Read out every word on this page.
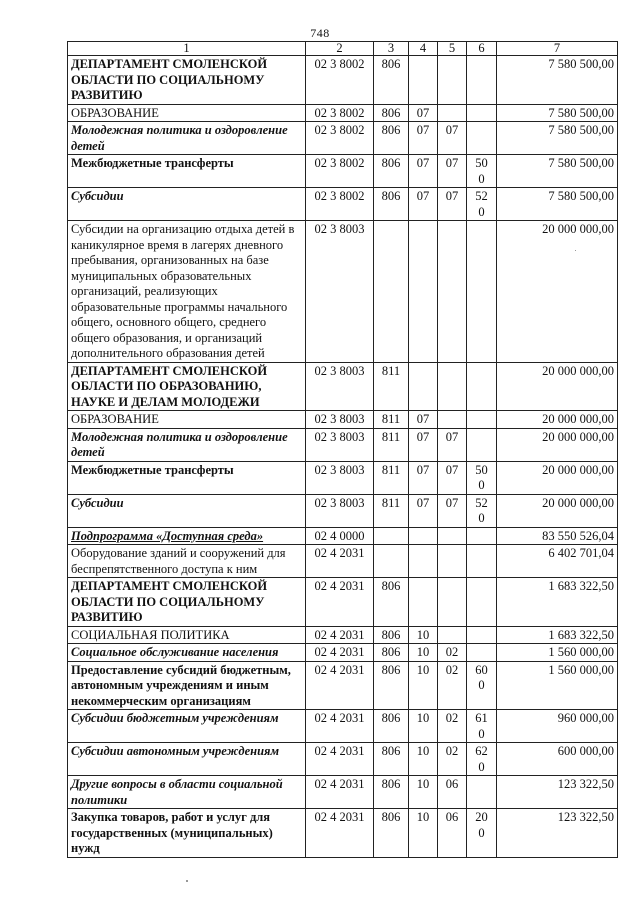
748
1	2	3	4	5	6	7
ДЕПАРТАМЕНТ СМОЛЕНСКОЙ ОБЛАСТИ ПО СОЦИАЛЬНОМУ РАЗВИТИЮ	02 3 8002	806				7 580 500,00
ОБРАЗОВАНИЕ	02 3 8002	806	07			7 580 500,00
Молодежная политика и оздоровление детей	02 3 8002	806	07	07		7 580 500,00
Межбюджетные трансферты	02 3 8002	806	07	07	500	7 580 500,00
Субсидии	02 3 8002	806	07	07	520	7 580 500,00
Субсидии на организацию отдыха детей в каникулярное время в лагерях дневного пребывания, организованных на базе муниципальных образовательных организаций, реализующих образовательные программы начального общего, основного общего, среднего общего образования, и организаций дополнительного образования детей	02 3 8003					20 000 000,00
ДЕПАРТАМЕНТ СМОЛЕНСКОЙ ОБЛАСТИ ПО ОБРАЗОВАНИЮ, НАУКЕ И ДЕЛАМ МОЛОДЕЖИ	02 3 8003	811				20 000 000,00
ОБРАЗОВАНИЕ	02 3 8003	811	07			20 000 000,00
Молодежная политика и оздоровление детей	02 3 8003	811	07	07		20 000 000,00
Межбюджетные трансферты	02 3 8003	811	07	07	500	20 000 000,00
Субсидии	02 3 8003	811	07	07	520	20 000 000,00
Подпрограмма «Доступная среда»	02 4 0000					83 550 526,04
Оборудование зданий и сооружений для беспрепятственного доступа к ним	02 4 2031					6 402 701,04
ДЕПАРТАМЕНТ СМОЛЕНСКОЙ ОБЛАСТИ ПО СОЦИАЛЬНОМУ РАЗВИТИЮ	02 4 2031	806				1 683 322,50
СОЦИАЛЬНАЯ ПОЛИТИКА	02 4 2031	806	10			1 683 322,50
Социальное обслуживание населения	02 4 2031	806	10	02		1 560 000,00
Предоставление субсидий бюджетным, автономным учреждениям и иным некоммерческим организациям	02 4 2031	806	10	02	600	1 560 000,00
Субсидии бюджетным учреждениям	02 4 2031	806	10	02	610	960 000,00
Субсидии автономным учреждениям	02 4 2031	806	10	02	620	600 000,00
Другие вопросы в области социальной политики	02 4 2031	806	10	06		123 322,50
Закупка товаров, работ и услуг для государственных (муниципальных) нужд	02 4 2031	806	10	06	200	123 322,50
